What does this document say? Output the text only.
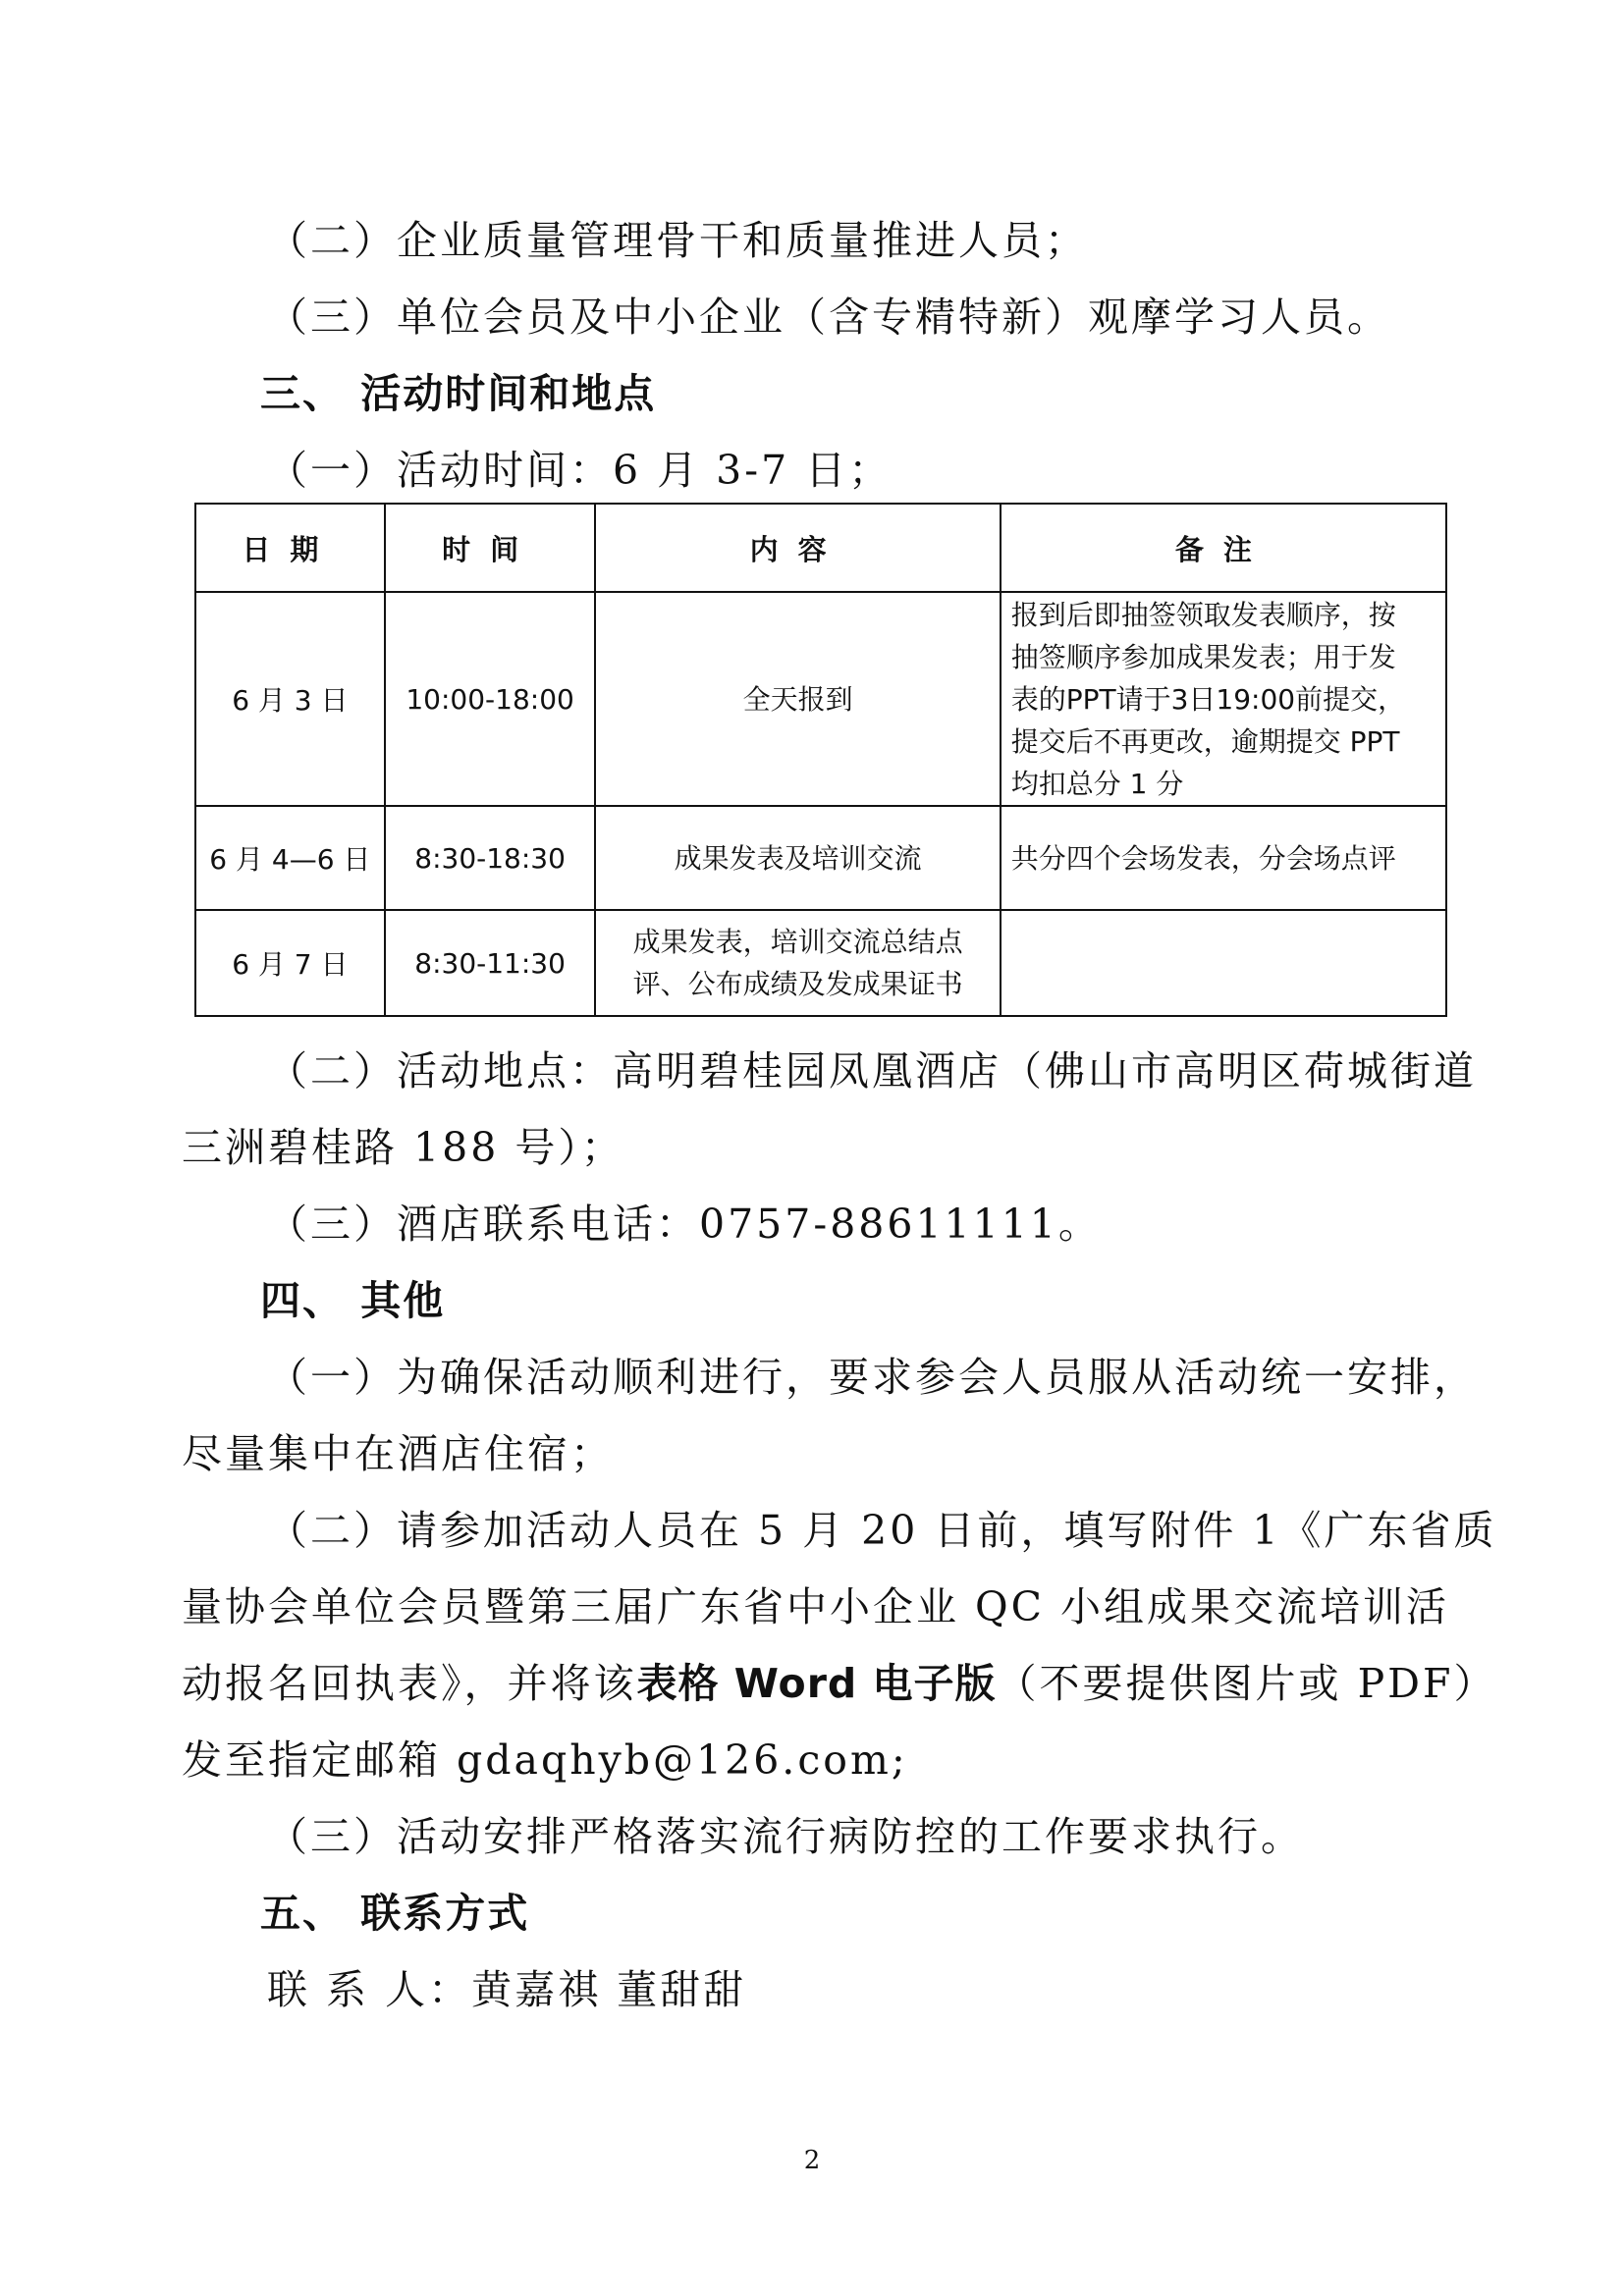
（二）企业质量管理骨干和质量推进人员；
（三）单位会员及中小企业（含专精特新）观摩学习人员。
三、 活动时间和地点
（一）活动时间：6 月 3-7 日；
日期	时间	内容	备注
6 月 3 日	10:00-18:00	全天报到	报到后即抽签领取发表顺序，按
抽签顺序参加成果发表；用于发
表的PPT请于3日19:00前提交，
提交后不再更改，逾期提交 PPT
均扣总分 1 分

6 月 4—6 日	8:30-18:30	成果发表及培训交流	共分四个会场发表，分会场点评

6 月 7 日	8:30-11:30	成果发表，培训交流总结点
评、公布成绩及发成果证书	

（二）活动地点：高明碧桂园凤凰酒店（佛山市高明区荷城街道
三洲碧桂路 188 号）；
（三）酒店联系电话：0757-88611111。
四、 其他
（一）为确保活动顺利进行，要求参会人员服从活动统一安排，
尽量集中在酒店住宿；
（二）请参加活动人员在 5 月 20 日前，填写附件 1《广东省质
量协会单位会员暨第三届广东省中小企业 QC 小组成果交流培训活
动报名回执表》，并将该表格 Word 电子版（不要提供图片或 PDF）
发至指定邮箱 gdaqhyb@126.com;
（三）活动安排严格落实流行病防控的工作要求执行。
五、 联系方式
联 系 人：黄嘉祺 董甜甜
2
